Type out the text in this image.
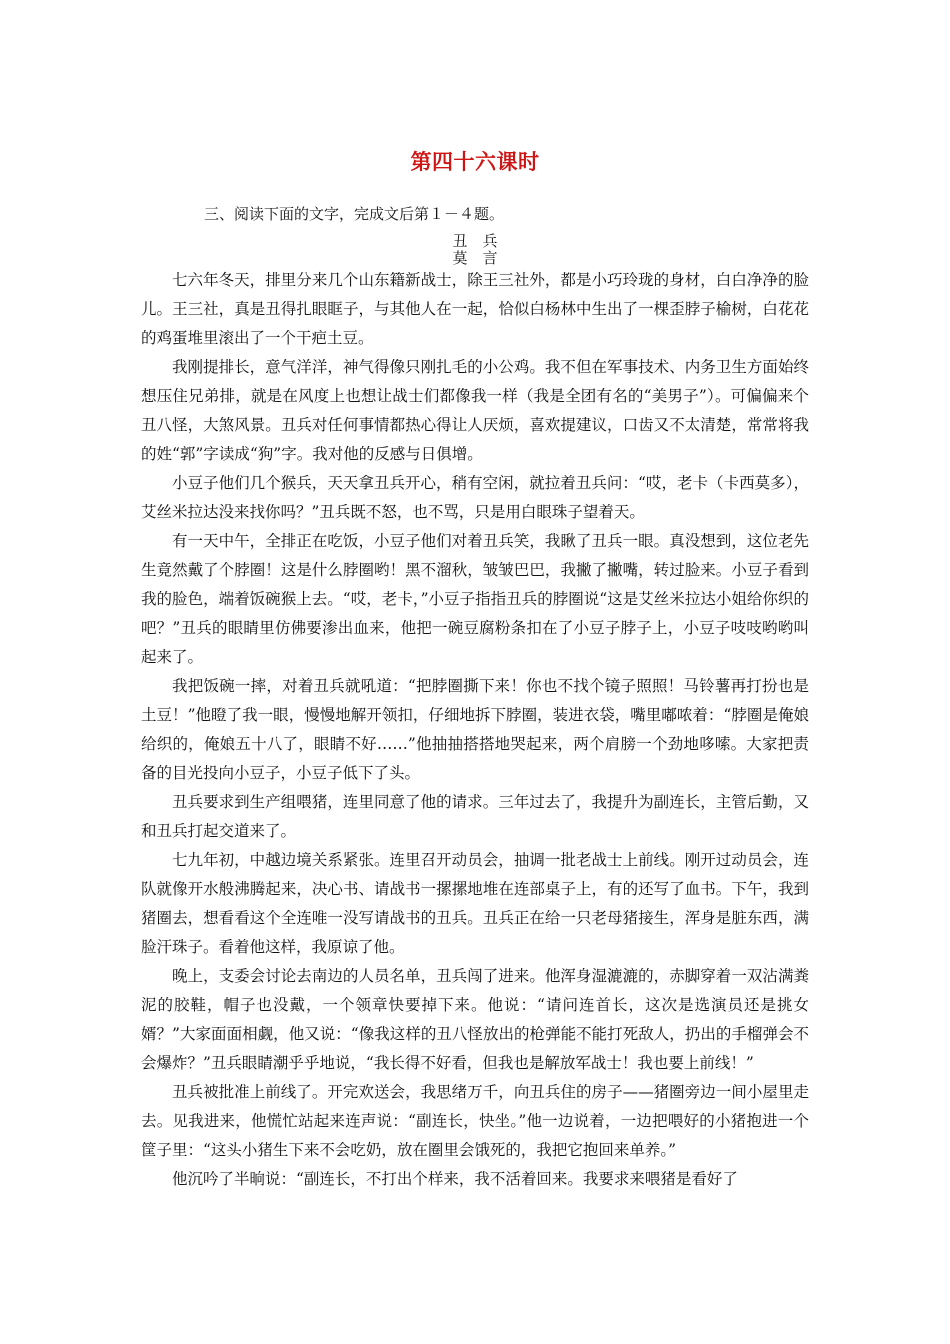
第四十六课时

三、阅读下面的文字，完成文后第１－４题。

丑　兵

莫　言

七六年冬天，排里分来几个山东籍新战士，除王三社外，都是小巧玲珑的身材，白白净净的脸儿。王三社，真是丑得扎眼眶子，与其他人在一起，恰似白杨林中生出了一棵歪脖子榆树，白花花的鸡蛋堆里滚出了一个干疤土豆。

我刚提排长，意气洋洋，神气得像只刚扎毛的小公鸡。我不但在军事技术、内务卫生方面始终想压住兄弟排，就是在风度上也想让战士们都像我一样（我是全团有名的“美男子”）。可偏偏来个丑八怪，大煞风景。丑兵对任何事情都热心得让人厌烦，喜欢提建议，口齿又不太清楚，常常将我的姓“郭”字读成“狗”字。我对他的反感与日俱增。

小豆子他们几个猴兵，天天拿丑兵开心，稍有空闲，就拉着丑兵问：“哎，老卡（卡西莫多），艾丝米拉达没来找你吗？”丑兵既不怒，也不骂，只是用白眼珠子望着天。

有一天中午，全排正在吃饭，小豆子他们对着丑兵笑，我瞅了丑兵一眼。真没想到，这位老先生竟然戴了个脖圈！这是什么脖圈哟！黑不溜秋，皱皱巴巴，我撇了撇嘴，转过脸来。小豆子看到我的脸色，端着饭碗猴上去。“哎，老卡，”小豆子指指丑兵的脖圈说“这是艾丝米拉达小姐给你织的吧？”丑兵的眼睛里仿佛要渗出血来，他把一碗豆腐粉条扣在了小豆子脖子上，小豆子吱吱哟哟叫起来了。

我把饭碗一摔，对着丑兵就吼道：“把脖圈撕下来！你也不找个镜子照照！马铃薯再打扮也是土豆！”他瞪了我一眼，慢慢地解开领扣，仔细地拆下脖圈，装进衣袋，嘴里嘟哝着：“脖圈是俺娘给织的，俺娘五十八了，眼睛不好……”他抽抽搭搭地哭起来，两个肩膀一个劲地哆嗦。大家把责备的目光投向小豆子，小豆子低下了头。

丑兵要求到生产组喂猪，连里同意了他的请求。三年过去了，我提升为副连长，主管后勤，又和丑兵打起交道来了。

七九年初，中越边境关系紧张。连里召开动员会，抽调一批老战士上前线。刚开过动员会，连队就像开水般沸腾起来，决心书、请战书一摞摞地堆在连部桌子上，有的还写了血书。下午，我到猪圈去，想看看这个全连唯一没写请战书的丑兵。丑兵正在给一只老母猪接生，浑身是脏东西，满脸汗珠子。看着他这样，我原谅了他。

晚上，支委会讨论去南边的人员名单，丑兵闯了进来。他浑身湿漉漉的，赤脚穿着一双沾满粪泥的胶鞋，帽子也没戴，一个领章快要掉下来。他说：“请问连首长，这次是选演员还是挑女婿？”大家面面相觑，他又说：“像我这样的丑八怪放出的枪弹能不能打死敌人，扔出的手榴弹会不会爆炸？”丑兵眼睛潮乎乎地说，“我长得不好看，但我也是解放军战士！我也要上前线！”

丑兵被批准上前线了。开完欢送会，我思绪万千，向丑兵住的房子——猪圈旁边一间小屋里走去。见我进来，他慌忙站起来连声说：“副连长，快坐。”他一边说着，一边把喂好的小猪抱进一个筐子里：“这头小猪生下来不会吃奶，放在圈里会饿死的，我把它抱回来单养。”

他沉吟了半晌说：“副连长，不打出个样来，我不活着回来。我要求来喂猪是看好了
